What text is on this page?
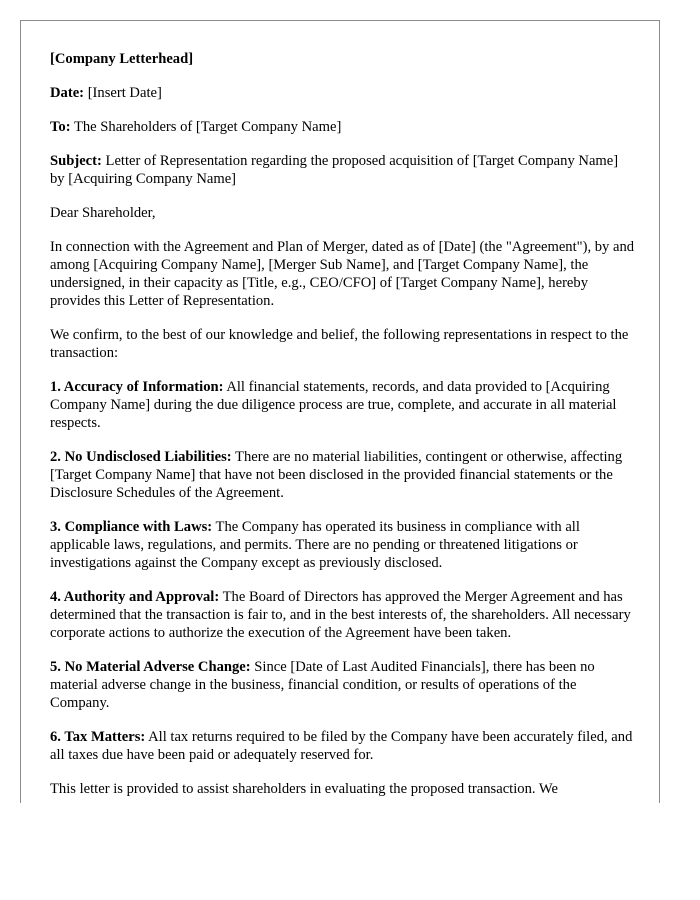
[Company Letterhead]

Date: [Insert Date]

To: The Shareholders of [Target Company Name]

Subject: Letter of Representation regarding the proposed acquisition of [Target Company Name] by [Acquiring Company Name]

Dear Shareholder,

In connection with the Agreement and Plan of Merger, dated as of [Date] (the "Agreement"), by and among [Acquiring Company Name], [Merger Sub Name], and [Target Company Name], the undersigned, in their capacity as [Title, e.g., CEO/CFO] of [Target Company Name], hereby provides this Letter of Representation.

We confirm, to the best of our knowledge and belief, the following representations in respect to the transaction:

1. Accuracy of Information: All financial statements, records, and data provided to [Acquiring Company Name] during the due diligence process are true, complete, and accurate in all material respects.

2. No Undisclosed Liabilities: There are no material liabilities, contingent or otherwise, affecting [Target Company Name] that have not been disclosed in the provided financial statements or the Disclosure Schedules of the Agreement.

3. Compliance with Laws: The Company has operated its business in compliance with all applicable laws, regulations, and permits. There are no pending or threatened litigations or investigations against the Company except as previously disclosed.

4. Authority and Approval: The Board of Directors has approved the Merger Agreement and has determined that the transaction is fair to, and in the best interests of, the shareholders. All necessary corporate actions to authorize the execution of the Agreement have been taken.

5. No Material Adverse Change: Since [Date of Last Audited Financials], there has been no material adverse change in the business, financial condition, or results of operations of the Company.

6. Tax Matters: All tax returns required to be filed by the Company have been accurately filed, and all taxes due have been paid or adequately reserved for.

This letter is provided to assist shareholders in evaluating the proposed transaction. We
